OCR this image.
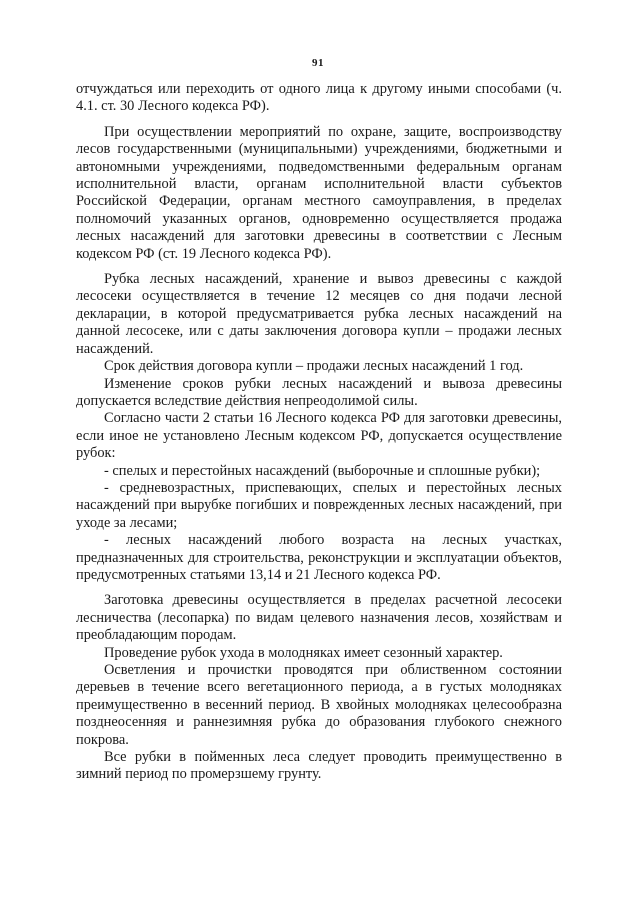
91

отчуждаться или переходить от одного лица к другому иными способами (ч. 4.1. ст. 30 Лесного кодекса РФ).

При осуществлении мероприятий по охране, защите, воспроизводству лесов государственными (муниципальными) учреждениями, бюджетными и автономными учреждениями, подведомственными федеральным органам исполнительной власти, органам исполнительной власти субъектов Российской Федерации, органам местного самоуправления, в пределах полномочий указанных органов, одновременно осуществляется продажа лесных насаждений для заготовки древесины в соответствии с Лесным кодексом РФ (ст. 19 Лесного кодекса РФ).

Рубка лесных насаждений, хранение и вывоз древесины с каждой лесосеки осуществляется в течение 12 месяцев со дня подачи лесной декларации, в которой предусматривается рубка лесных насаждений на данной лесосеке, или с даты заключения договора купли – продажи лесных насаждений.

Срок действия договора купли – продажи лесных насаждений 1 год.

Изменение сроков рубки лесных насаждений и вывоза древесины допускается вследствие действия непреодолимой силы.

Согласно части 2 статьи 16 Лесного кодекса РФ для заготовки древесины, если иное не установлено Лесным кодексом РФ, допускается осуществление рубок:

- спелых и перестойных насаждений (выборочные и сплошные рубки);

- средневозрастных, приспевающих, спелых и перестойных лесных насаждений при вырубке погибших и поврежденных лесных насаждений, при уходе за лесами;

- лесных насаждений любого возраста на лесных участках, предназначенных для строительства, реконструкции и эксплуатации объектов, предусмотренных статьями 13,14 и 21 Лесного кодекса РФ.

Заготовка древесины осуществляется в пределах расчетной лесосеки лесничества (лесопарка) по видам целевого назначения лесов, хозяйствам и преобладающим породам.

Проведение рубок ухода в молодняках имеет сезонный характер.

Осветления и прочистки проводятся при облиственном состоянии деревьев в течение всего вегетационного периода, а в густых молодняках преимущественно в весенний период. В хвойных молодняках целесообразна позднеосенняя и раннезимняя рубка до образования глубокого снежного покрова.

Все рубки в пойменных леса следует проводить преимущественно в зимний период по промерзшему грунту.
